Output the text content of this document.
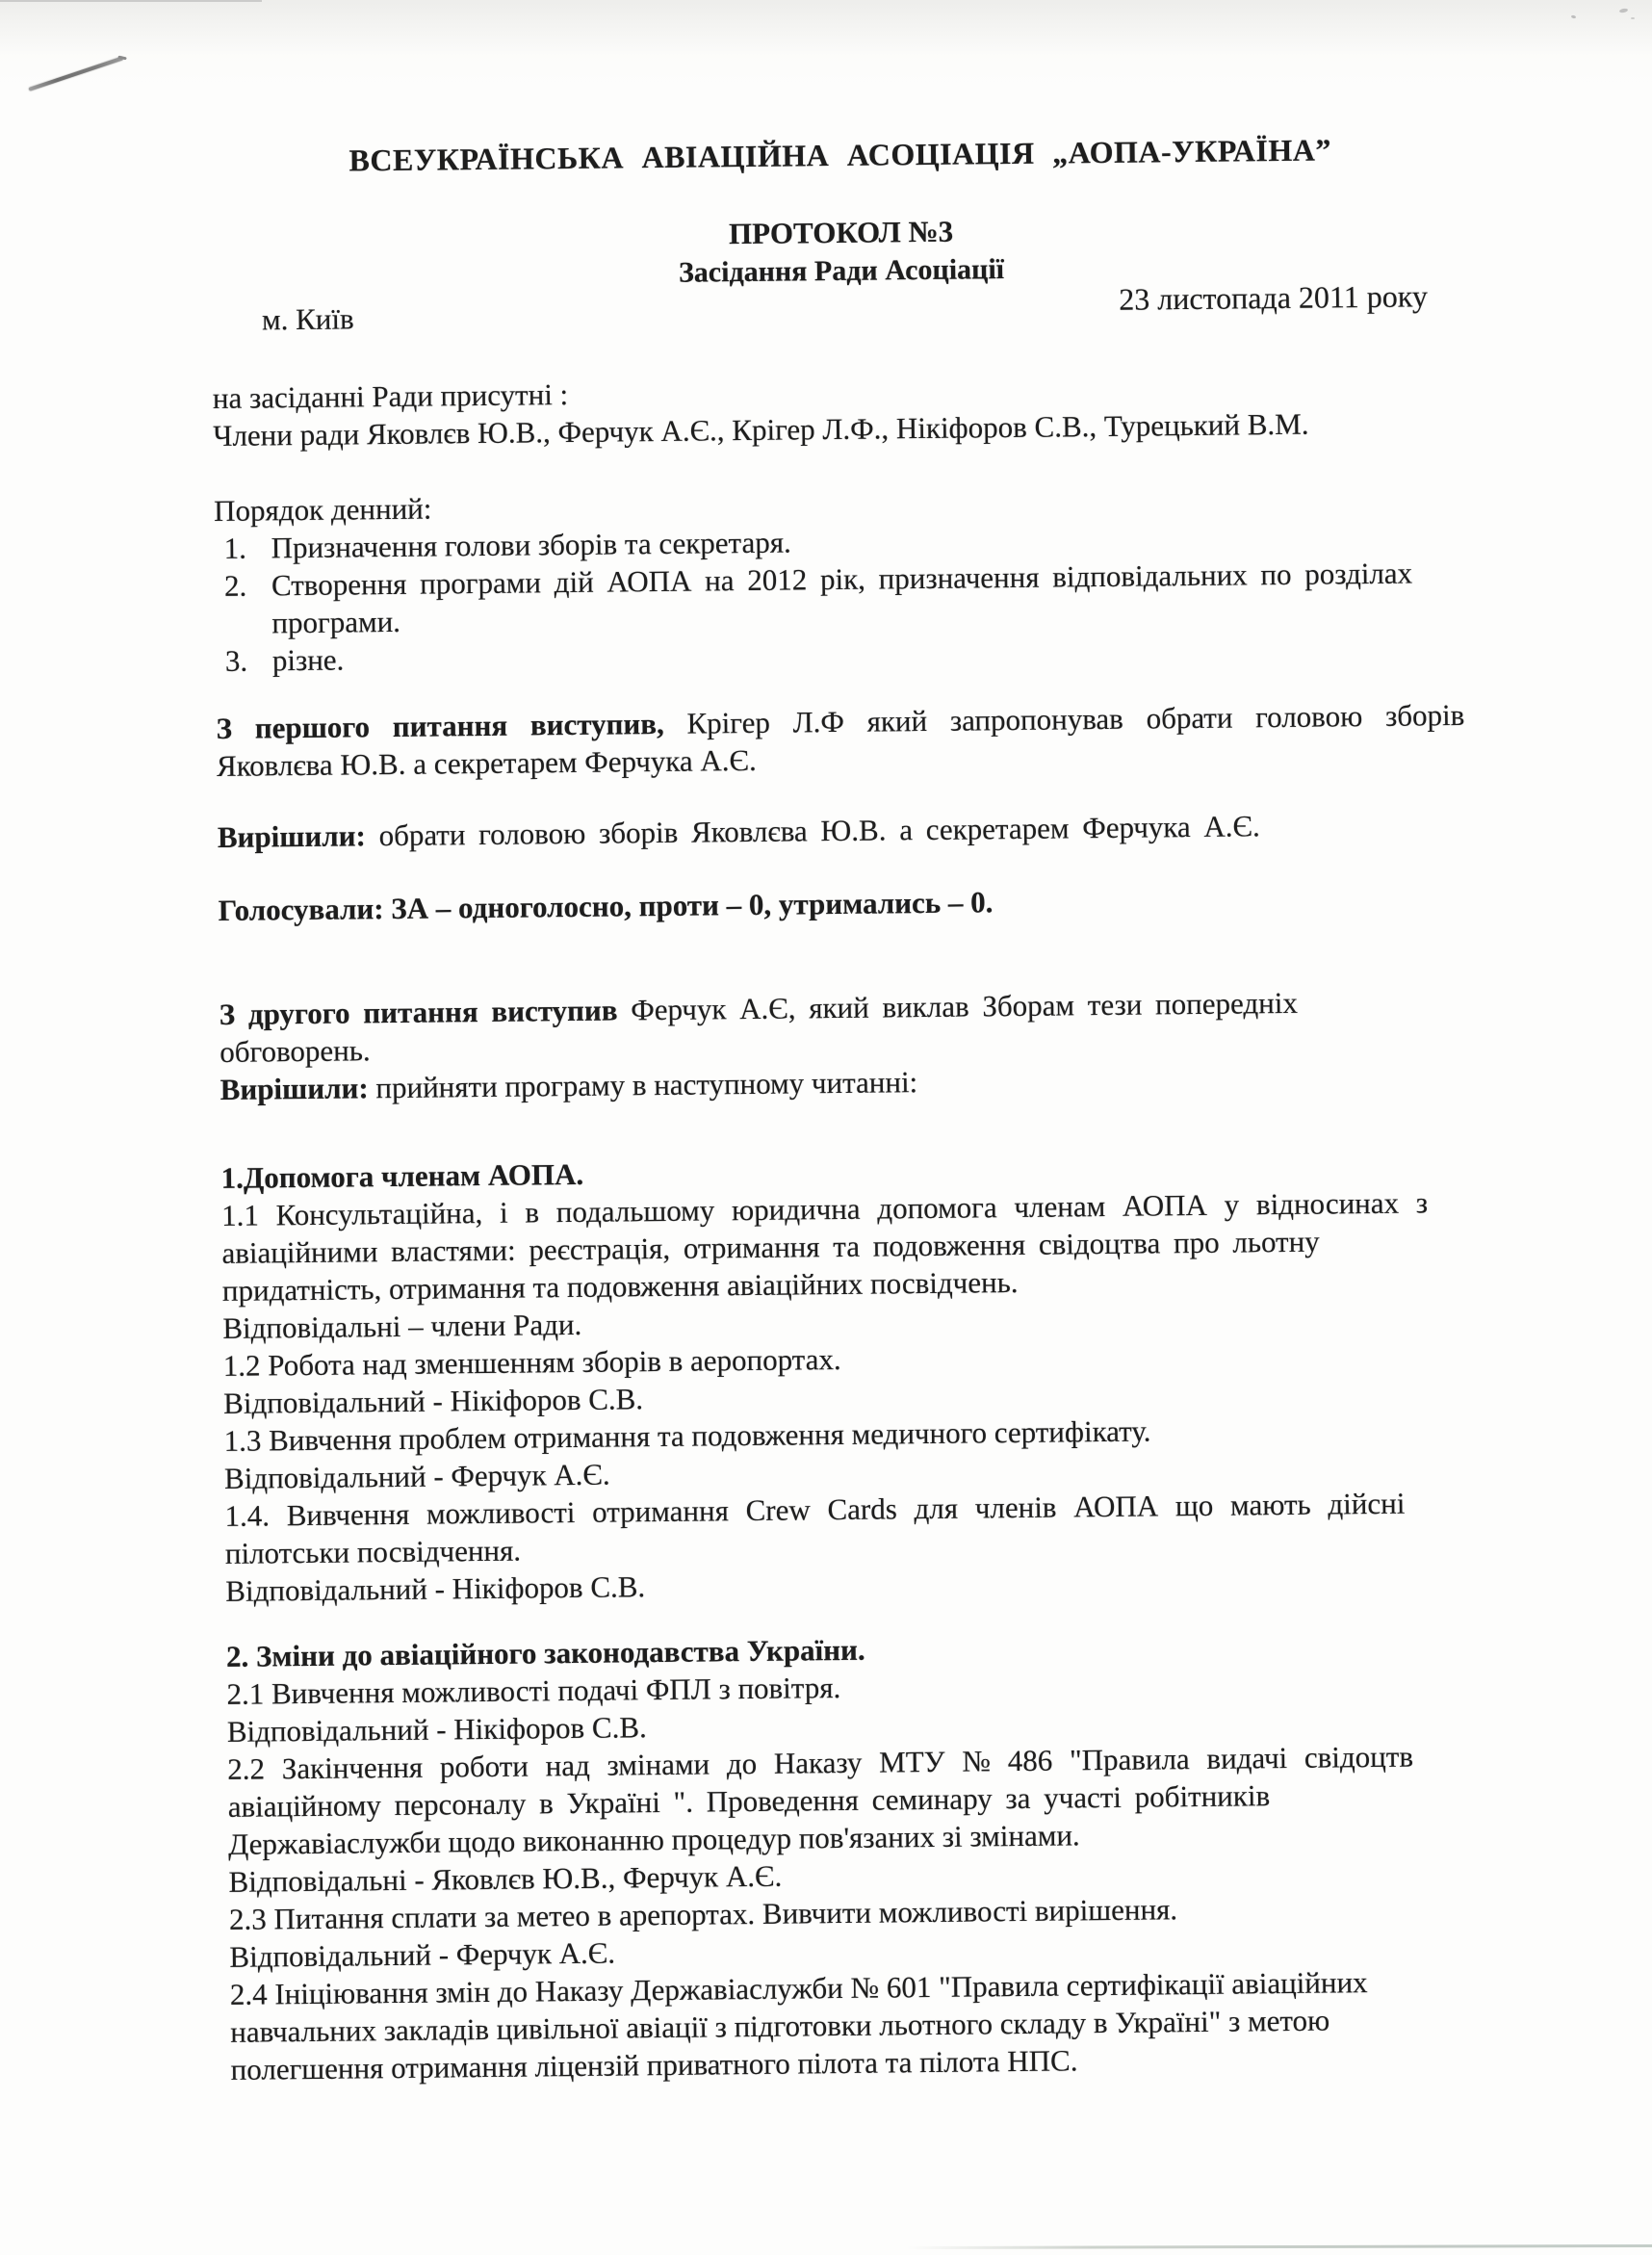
ВСЕУКРАЇНСЬКА АВІАЦІЙНА АСОЦІАЦІЯ „АОПА-УКРАЇНА”
ПРОТОКОЛ №3
Засідання Ради Асоціації
м. Київ
23 листопада 2011 року
на засіданні Ради присутні :
Члени ради Яковлєв Ю.В., Ферчук А.Є., Крігер Л.Ф., Нікіфоров С.В., Турецький В.М.
Порядок денний:
1. Призначення голови зборів та секретаря.
2. Створення програми дій АОПА на 2012 рік, призначення відповідальних по розділах
програми.
3. різне.
З першого питання виступив, Крігер Л.Ф який запропонував обрати головою зборів
Яковлєва Ю.В. а секретарем Ферчука А.Є.
Вирішили: обрати головою зборів Яковлєва Ю.В. а секретарем Ферчука А.Є.
Голосували: ЗА – одноголосно, проти – 0, утримались – 0.
З другого питання виступив Ферчук А.Є, який виклав Зборам тези попередніх
обговорень.
Вирішили: прийняти програму в наступному читанні:
1.Допомога членам АОПА.
1.1 Консультаційна, і в подальшому юридична допомога членам АОПА у відносинах з
авіаційними властями: реєстрація, отримання та подовження свідоцтва про льотну
придатність, отримання та подовження авіаційних посвідчень.
Відповідальні – члени Ради.
1.2 Робота над зменшенням зборів в аеропортах.
Відповідальний - Нікіфоров С.В.
1.3 Вивчення проблем отримання та подовження медичного сертифікату.
Відповідальний - Ферчук А.Є.
1.4. Вивчення можливості отримання Crew Cards для членів АОПА що мають дійсні
пілотськи посвідчення.
Відповідальний - Нікіфоров С.В.
2. Зміни до авіаційного законодавства України.
2.1 Вивчення можливості подачі ФПЛ з повітря.
Відповідальний - Нікіфоров С.В.
2.2 Закінчення роботи над змінами до Наказу МТУ № 486 "Правила видачі свідоцтв
авіаційному персоналу в Україні ". Проведення семинару за участі робітників
Державіаслужби щодо виконанню процедур пов'язаних зі змінами.
Відповідальні - Яковлєв Ю.В., Ферчук А.Є.
2.3 Питання сплати за метео в арепортах. Вивчити можливості вирішення.
Відповідальний - Ферчук А.Є.
2.4 Ініціювання змін до Наказу Державіаслужби № 601 "Правила сертифікації авіаційних
навчальних закладів цивільної авіації з підготовки льотного складу в Україні" з метою
полегшення отримання ліцензій приватного пілота та пілота НПС.
